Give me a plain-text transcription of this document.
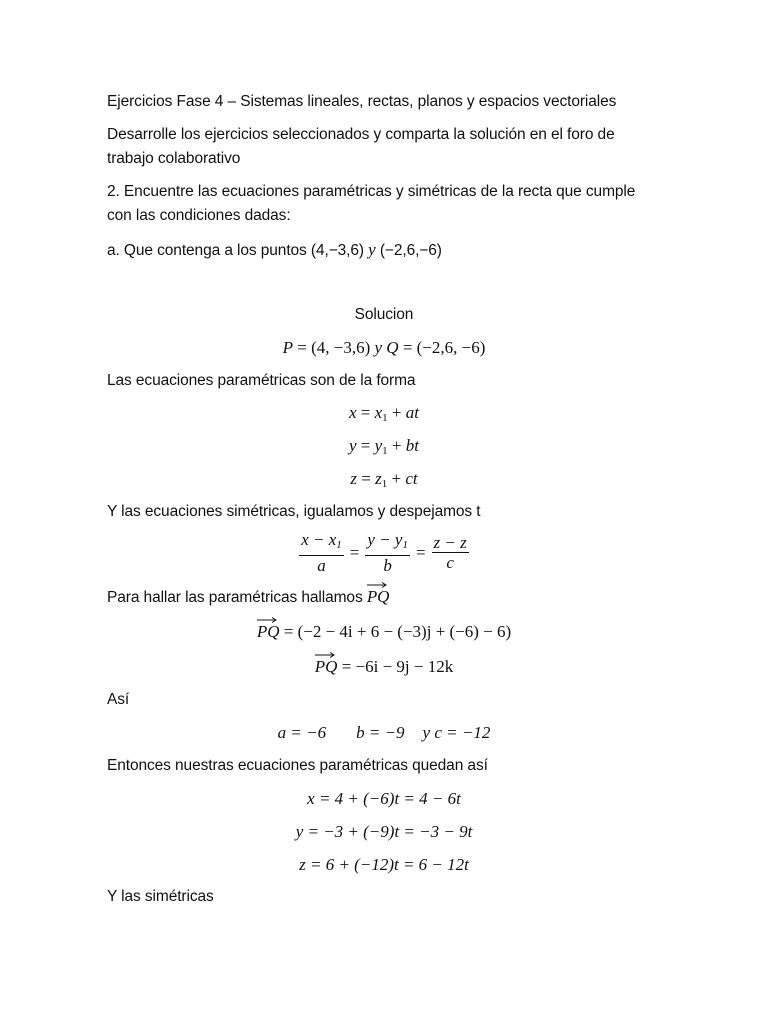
Ejercicios Fase 4 – Sistemas lineales, rectas, planos y espacios vectoriales
Desarrolle los ejercicios seleccionados y comparta la solución en el foro de
trabajo colaborativo
2. Encuentre las ecuaciones paramétricas y simétricas de la recta que cumple
con las condiciones dadas:
a. Que contenga a los puntos (4,−3,6) y (−2,6,−6)
Solucion
P = (4, −3,6) y Q = (−2,6, −6)
Las ecuaciones paramétricas son de la forma
$x = x_1$ + at
$y = y_1$ + bt
$z = z_1$ + ct
Y las ecuaciones simétricas, igualamos y despejamos t
$\frac{x - x_1}{a} = \frac{y - y_1}{b} = \frac{z - z}{c}$
Para hallar las paramétricas hallamos
PQ
PQ = (−2 − 4i + 6 − (−3)j + (−6) − 6)
PQ = −6i − 9j − 12k
Así
a = −6 b = −9 y c = −12
Entonces nuestras ecuaciones paramétricas quedan así
x = 4 + (−6)t = 4 − 6t
y = −3 + (−9)t = −3 − 9t
z = 6 + (−12)t = 6 − 12t
Y las simétricas
